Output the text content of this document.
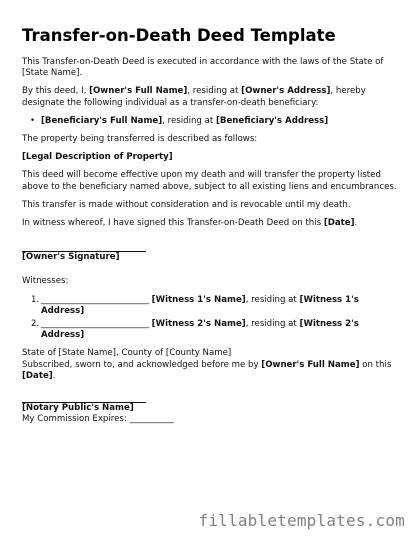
Transfer-on-Death Deed Template

This Transfer-on-Death Deed is executed in accordance with the laws of the State of [State Name].

By this deed, I, [Owner's Full Name], residing at [Owner's Address], hereby designate the following individual as a transfer-on-death beneficiary:

• [Beneficiary's Full Name], residing at [Beneficiary's Address]

The property being transferred is described as follows:

[Legal Description of Property]

This deed will become effective upon my death and will transfer the property listed above to the beneficiary named above, subject to all existing liens and encumbrances.

This transfer is made without consideration and is revocable until my death.

In witness whereof, I have signed this Transfer-on-Death Deed on this [Date].

[Owner's Signature]

Witnesses:

1. ___________________________ [Witness 1's Name], residing at [Witness 1's Address]
2. ___________________________ [Witness 2's Name], residing at [Witness 2's Address]

State of [State Name], County of [County Name]
Subscribed, sworn to, and acknowledged before me by [Owner's Full Name] on this [Date].

[Notary Public's Name]
My Commission Expires: ___________

fillabletemplates.com
